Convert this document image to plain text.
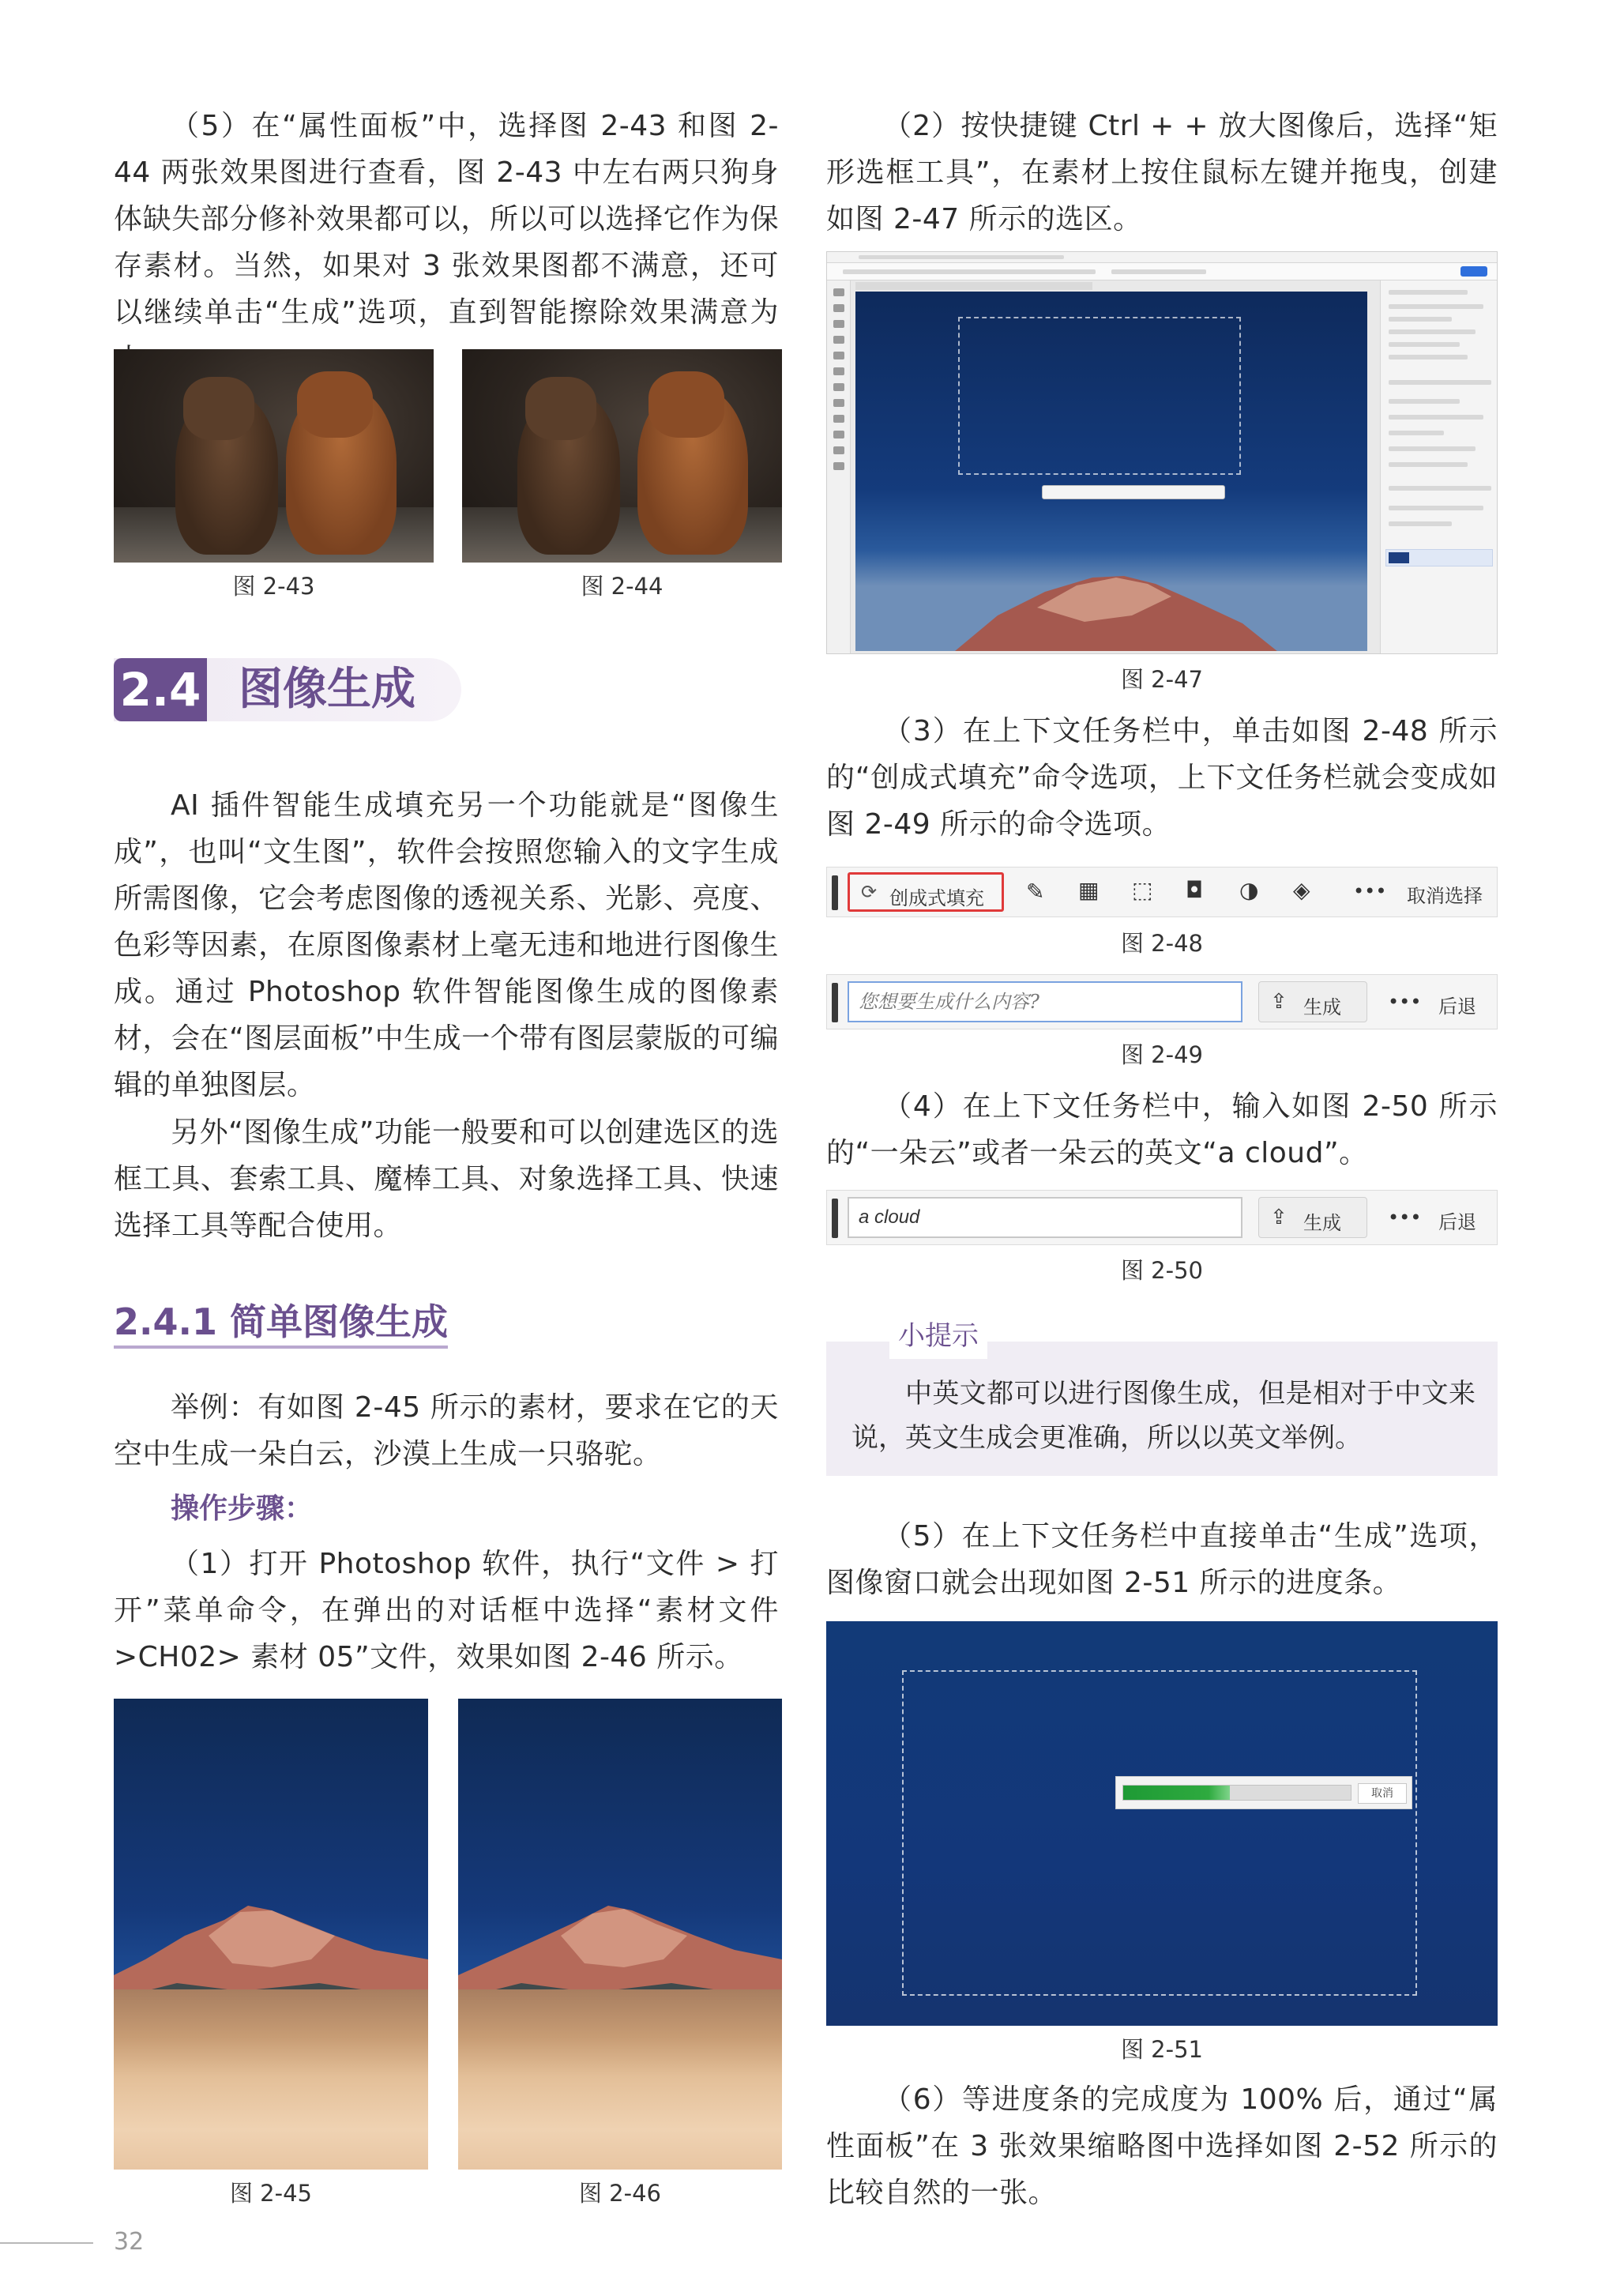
（5）在“属性面板”中，选择图 2-43 和图 2-44 两张效果图进行查看，图 2-43 中左右两只狗身体缺失部分修补效果都可以，所以可以选择它作为保存素材。当然，如果对 3 张效果图都不满意，还可以继续单击“生成”选项，直到智能擦除效果满意为

图 2-43	图 2-44
2.4 图像生成

AI 插件智能生成填充另一个功能就是“图像生成”，也叫“文生图”，软件会按照您输入的文字生成所需图像，它会考虑图像的透视关系、光影、亮度、色彩等因素，在原图像素材上毫无违和地进行图像生成。通过 Photoshop 软件智能图像生成的图像素材，会在“图层面板”中生成一个带有图层蒙版的可编辑的单独图层。

另外“图像生成”功能一般要和可以创建选区的选框工具、套索工具、魔棒工具、对象选择工具、快速选择工具等配合使用。

2.4.1 简单图像生成

举例：有如图 2-45 所示的素材，要求在它的天空中生成一朵白云，沙漠上生成一只骆驼。

操作步骤：

（1）打开 Photoshop 软件，执行“文件 > 打开”菜单命令，在弹出的对话框中选择“素材文件 >CH02> 素材 05”文件，效果如图 2-46 所示。

图 2-45	图 2-46
32

（2）按快捷键 Ctrl + + 放大图像后，选择“矩形选框工具”，在素材上按住鼠标左键并拖曳，创建如图 2-47 所示的选区。

图 2-47

（3）在上下文任务栏中，单击如图 2-48 所示的“创成式填充”命令选项，上下文任务栏就会变成如图 2-49 所示的命令选项。

⟳ 创成式填充 ✎ ▦ ⬚ ◘ ◑ ◈ ••• 取消选择
图 2-48
您想要生成什么内容?
⇪ 生成 ••• 后退
图 2-49

（4）在上下文任务栏中，输入如图 2-50 所示的“一朵云”或者一朵云的英文“a cloud”。

a cloud
⇪ 生成 ••• 后退
图 2-50

中英文都可以进行图像生成，但是相对于中文来说，英文生成会更准确，所以以英文举例。

小提示

（5）在上下文任务栏中直接单击“生成”选项，图像窗口就会出现如图 2-51 所示的进度条。

取消
图 2-51

（6）等进度条的完成度为 100% 后，通过“属性面板”在 3 张效果缩略图中选择如图 2-52 所示的比较自然的一张。
